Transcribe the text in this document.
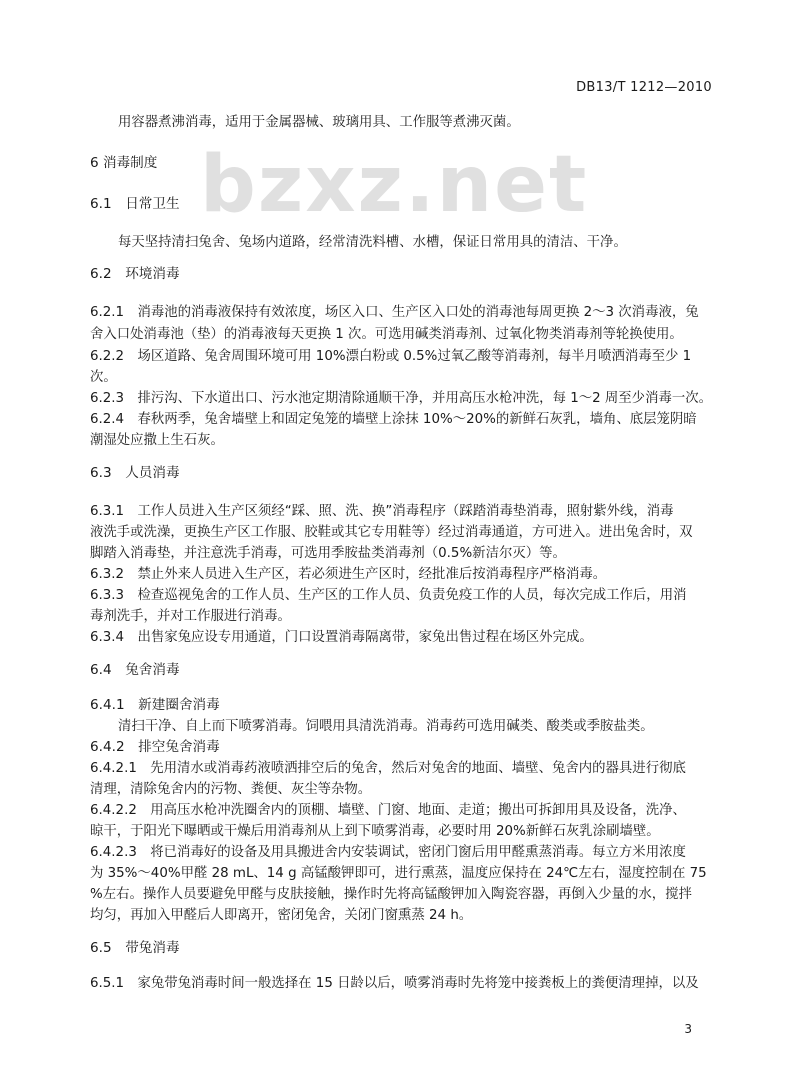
bzxz.net
DB13/T 1212—2010
用容器煮沸消毒，适用于金属器械、玻璃用具、工作服等煮沸灭菌。
6 消毒制度
6.1　日常卫生
每天坚持清扫兔舍、兔场内道路，经常清洗料槽、水槽，保证日常用具的清洁、干净。
6.2　环境消毒
6.2.1　消毒池的消毒液保持有效浓度，场区入口、生产区入口处的消毒池每周更换 2～3 次消毒液，兔
舍入口处消毒池（垫）的消毒液每天更换 1 次。可选用碱类消毒剂、过氧化物类消毒剂等轮换使用。
6.2.2　场区道路、兔舍周围环境可用 10%漂白粉或 0.5%过氧乙酸等消毒剂，每半月喷洒消毒至少 1
次。
6.2.3　排污沟、下水道出口、污水池定期清除通顺干净，并用高压水枪冲洗，每 1～2 周至少消毒一次。
6.2.4　春秋两季，兔舍墙壁上和固定兔笼的墙壁上涂抹 10%～20%的新鲜石灰乳，墙角、底层笼阴暗
潮湿处应撒上生石灰。
6.3　人员消毒
6.3.1　工作人员进入生产区须经“踩、照、洗、换”消毒程序（踩踏消毒垫消毒，照射紫外线，消毒
液洗手或洗澡，更换生产区工作服、胶鞋或其它专用鞋等）经过消毒通道，方可进入。进出兔舍时，双
脚踏入消毒垫，并注意洗手消毒，可选用季胺盐类消毒剂（0.5%新洁尔灭）等。
6.3.2　禁止外来人员进入生产区，若必须进生产区时，经批准后按消毒程序严格消毒。
6.3.3　检查巡视兔舍的工作人员、生产区的工作人员、负责免疫工作的人员，每次完成工作后，用消
毒剂洗手，并对工作服进行消毒。
6.3.4　出售家兔应设专用通道，门口设置消毒隔离带，家兔出售过程在场区外完成。
6.4　兔舍消毒
6.4.1　新建圈舍消毒
清扫干净、自上而下喷雾消毒。饲喂用具清洗消毒。消毒药可选用碱类、酸类或季胺盐类。
6.4.2　排空兔舍消毒
6.4.2.1　先用清水或消毒药液喷洒排空后的兔舍，然后对兔舍的地面、墙壁、兔舍内的器具进行彻底
清理，清除兔舍内的污物、粪便、灰尘等杂物。
6.4.2.2　用高压水枪冲洗圈舍内的顶棚、墙壁、门窗、地面、走道；搬出可拆卸用具及设备，洗净、
晾干，于阳光下曝晒或干燥后用消毒剂从上到下喷雾消毒，必要时用 20%新鲜石灰乳涂刷墙壁。
6.4.2.3　将已消毒好的设备及用具搬进舍内安装调试，密闭门窗后用甲醛熏蒸消毒。每立方米用浓度
为 35%～40%甲醛 28 mL、14 g 高锰酸钾即可，进行熏蒸，温度应保持在 24℃左右，湿度控制在 75
%左右。操作人员要避免甲醛与皮肤接触，操作时先将高锰酸钾加入陶瓷容器，再倒入少量的水，搅拌
均匀，再加入甲醛后人即离开，密闭兔舍，关闭门窗熏蒸 24 h。
6.5　带兔消毒
6.5.1　家兔带兔消毒时间一般选择在 15 日龄以后，喷雾消毒时先将笼中接粪板上的粪便清理掉，以及
3
